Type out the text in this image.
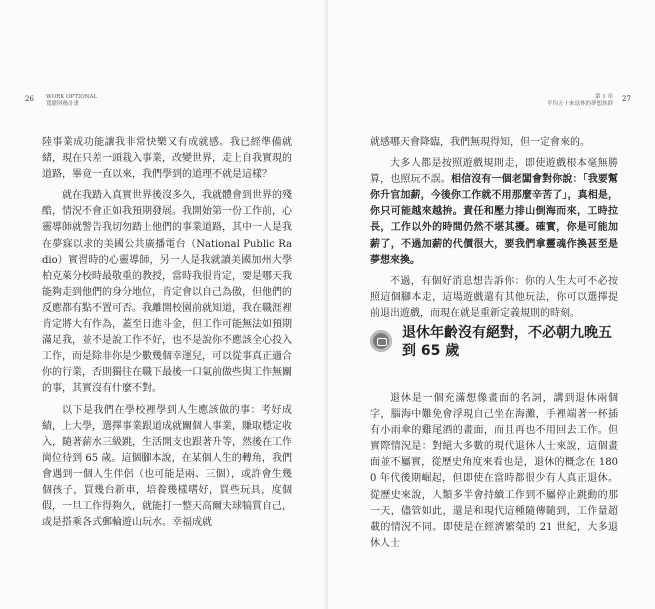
26 WORK OPTIONAL
寬鬆財務計畫

陸事業成功能讓我非常快樂又有成就感。我已經準備就緒，現在只差一頭栽入事業，改變世界，走上自我實現的道路，畢竟一直以來，我們學到的道理不就是這樣？

就在我踏入真實世界後沒多久，我就體會到世界的殘酷，情況不會正如我預期發展。我開始第一份工作前，心靈導師就警告我切勿踏上他們的事業道路，其中一人是我在夢寐以求的美國公共廣播電台（National Public Radio）實習時的心靈導師，另一人是我就讀美國加州大學柏克萊分校時最敬重的教授，當時我很肯定，要是哪天我能夠走到他們的身分地位，肯定會以自己為傲，但他們的反應都有點不置可否。我離開校園前就知道，我在職涯裡肯定將大有作為，蓋至日進斗金，但工作可能無法如預期滿足我，並不是說工作不好，也不是說你不應該全心投入工作，而是除非你是少數幾個幸運兒，可以從事真正適合你的行業，否則獨往在職下最後一口氣前做些與工作無關的事，其實沒有什麼不對。

以下是我們在學校裡學到人生應該做的事：考好成績，上大學，選擇事業跟道成就關個人事業，賺取穩定收入，隨著薪水三級跳，生活開支也跟著升等，然後在工作崗位待到 65 歲。這個腳本說，在某個人生的轉角，我們會遇到一個人生伴侶（也可能是兩、三個），或許會生幾個孩子，買幾台新車，培養幾樣嗜好，買些玩具，度個假，一旦工作得夠久，就能打一整天高爾夫球犒賞自己，或是搭乘各式郵輪遊山玩水。幸福成就

第 1 章
平均五十來退休的夢想族群
27

就感哪天會降臨，我們無現得知，但一定會來的。

大多人都是按照遊戲規則走，即使遊戲根本毫無勝算，也照玩不誤。相信沒有一個老闆會對你說：「我要幫你升官加薪，今後你工作就不用那麼辛苦了」，真相是，你只可能越來越拚。責任和壓力排山倒海而來，工時拉長，工作以外的時間仍然不堪其擾。確實，你是可能加薪了，不過加薪的代價很大，要我們拿靈魂作換甚至是夢想來換。

不過，有個好消息想告訴你：你的人生大可不必按照這個腳本走，這場遊戲還有其他玩法，你可以選擇提前退出遊戲，而現在就是重新定義規則的時刻。

退休年齡沒有絕對，不必朝九晚五到 65 歲

退休是一個充滿想像畫面的名詞，講到退休兩個字，腦海中難免會浮現自己坐在海灘，手裡端著一杯插有小雨傘的雞尾酒的畫面，而且再也不用回去工作。但實際情況是：對絕大多數的現代退休人士來說，這個畫面並不屬實，從歷史角度來看也是，退休的概念在 1800 年代後期崛起，但即使在當時都很少有人真正退休。從歷史來說，人類多半會持續工作到不屬停止跳動的那一天，儘管如此，還是和現代這種隨傳隨到，工作量超載的情況不同。即使是在經濟繁榮的 21 世紀，大多退休人士
